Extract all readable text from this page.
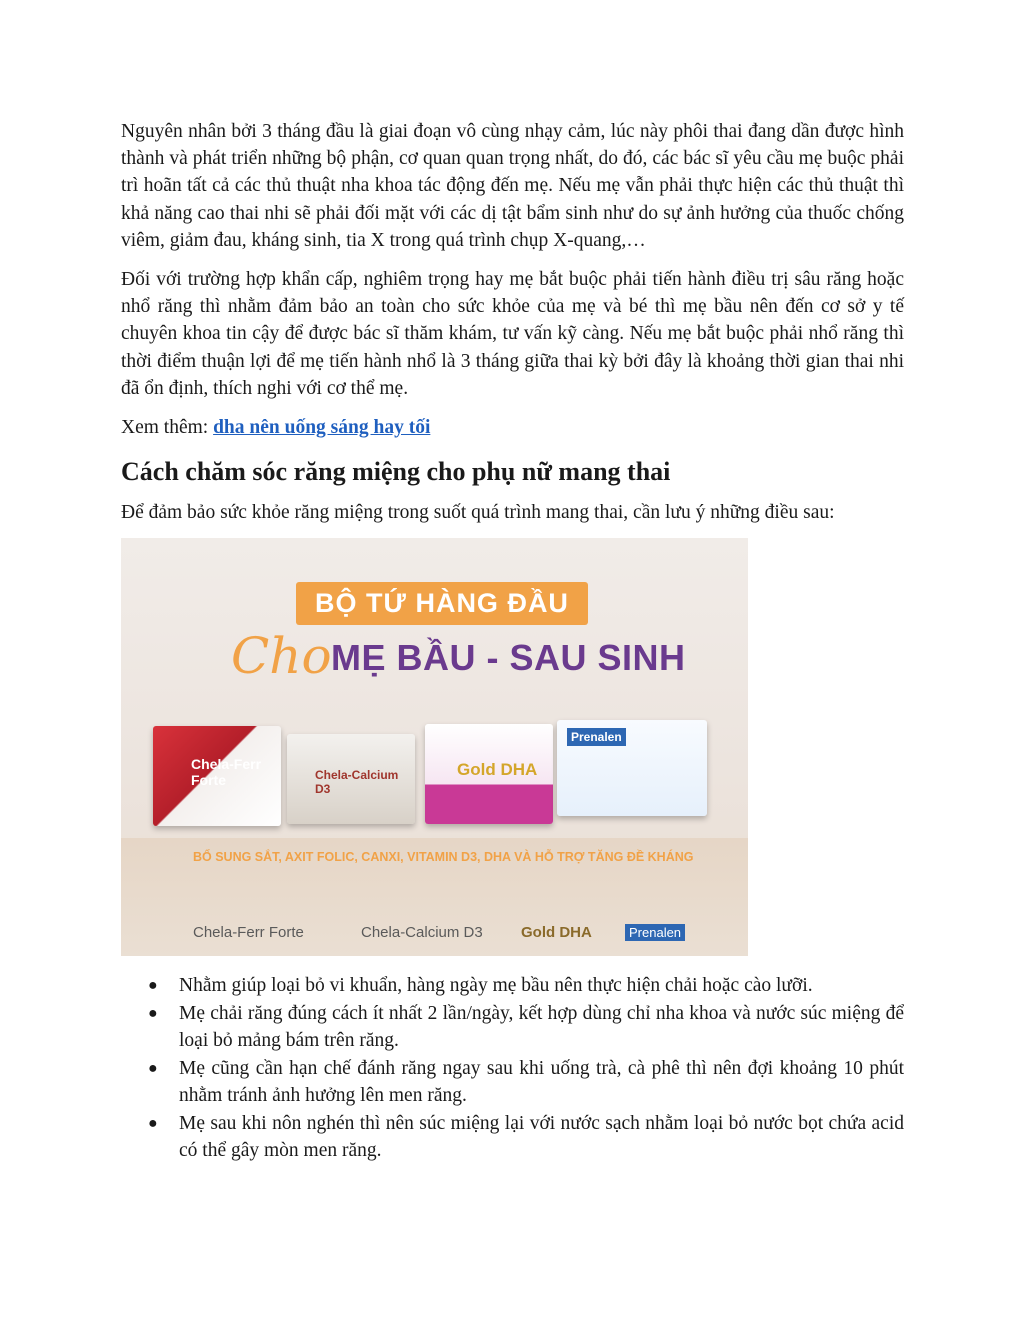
Nguyên nhân bởi 3 tháng đầu là giai đoạn vô cùng nhạy cảm, lúc này phôi thai đang dần được hình thành và phát triển những bộ phận, cơ quan quan trọng nhất, do đó, các bác sĩ yêu cầu mẹ buộc phải trì hoãn tất cả các thủ thuật nha khoa tác động đến mẹ. Nếu mẹ vẫn phải thực hiện các thủ thuật thì khả năng cao thai nhi sẽ phải đối mặt với các dị tật bẩm sinh như do sự ảnh hưởng của thuốc chống viêm, giảm đau, kháng sinh, tia X trong quá trình chụp X-quang,…

Đối với trường hợp khẩn cấp, nghiêm trọng hay mẹ bắt buộc phải tiến hành điều trị sâu răng hoặc nhổ răng thì nhằm đảm bảo an toàn cho sức khỏe của mẹ và bé thì mẹ bầu nên đến cơ sở y tế chuyên khoa tin cậy để được bác sĩ thăm khám, tư vấn kỹ càng. Nếu mẹ bắt buộc phải nhổ răng thì thời điểm thuận lợi để mẹ tiến hành nhổ là 3 tháng giữa thai kỳ bởi đây là khoảng thời gian thai nhi đã ổn định, thích nghi với cơ thể mẹ.

Xem thêm: dha nên uống sáng hay tối

Cách chăm sóc răng miệng cho phụ nữ mang thai

Để đảm bảo sức khỏe răng miệng trong suốt quá trình mang thai, cần lưu ý những điều sau:

BỘ TỨ HÀNG ĐẦU
Cho MẸ BẦU - SAU SINH
Chela-Ferr Forte	Chela-Calcium D3
Gold DHA
Prenalen
BỔ SUNG SẮT, AXIT FOLIC, CANXI, VITAMIN D3, DHA VÀ HỖ TRỢ TĂNG ĐỀ KHÁNG
Chela-Ferr Forte	Chela-Calcium D3	Gold DHA	Prenalen
● Nhằm giúp loại bỏ vi khuẩn, hàng ngày mẹ bầu nên thực hiện chải hoặc cào lưỡi.
● Mẹ chải răng đúng cách ít nhất 2 lần/ngày, kết hợp dùng chỉ nha khoa và nước súc miệng để loại bỏ mảng bám trên răng.
● Mẹ cũng cần hạn chế đánh răng ngay sau khi uống trà, cà phê thì nên đợi khoảng 10 phút nhằm tránh ảnh hưởng lên men răng.
● Mẹ sau khi nôn nghén thì nên súc miệng lại với nước sạch nhằm loại bỏ nước bọt chứa acid có thể gây mòn men răng.
